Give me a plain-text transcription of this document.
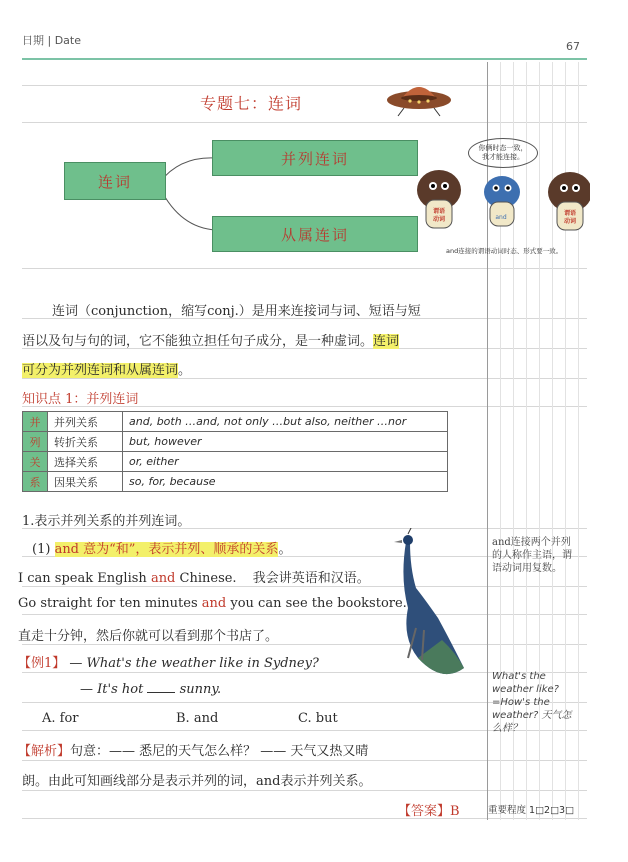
日期 | Date	67
专题七：连词
连词
并列连词
从属连词
你俩时态一致，
我才能连接。
谓语
动词	and
谓语
动词
and连接的谓语动词时态、形式要一致。
连词（conjunction，缩写conj.）是用来连接词与词、短语与短
语以及句与句的词，它不能独立担任句子成分，是一种虚词。连词
可分为并列连词和从属连词。
知识点 1：并列连词
并	并列关系	and, both …and, not only …but also, neither …nor
列	转折关系	but, however
关	选择关系	or, either
系	因果关系	so, for, because
1.表示并列关系的并列连词。
(1) and 意为“和”，表示并列、顺承的关系。
I can speak English and Chinese. 我会讲英语和汉语。
Go straight for ten minutes and you can see the bookstore.
直走十分钟，然后你就可以看到那个书店了。
【例1】 — What's the weather like in Sydney?
— It's hot	sunny.
A. for	B. and	C. but
【解析】句意：—— 悉尼的天气怎么样？ —— 天气又热又晴
朗。由此可知画线部分是表示并列的词，and表示并列关系。
【答案】B
and连接两个并列的人称作主语，谓语动词用复数。
What's the weather like? =How's the weather? 天气怎么样？
重要程度 1□2□3□
